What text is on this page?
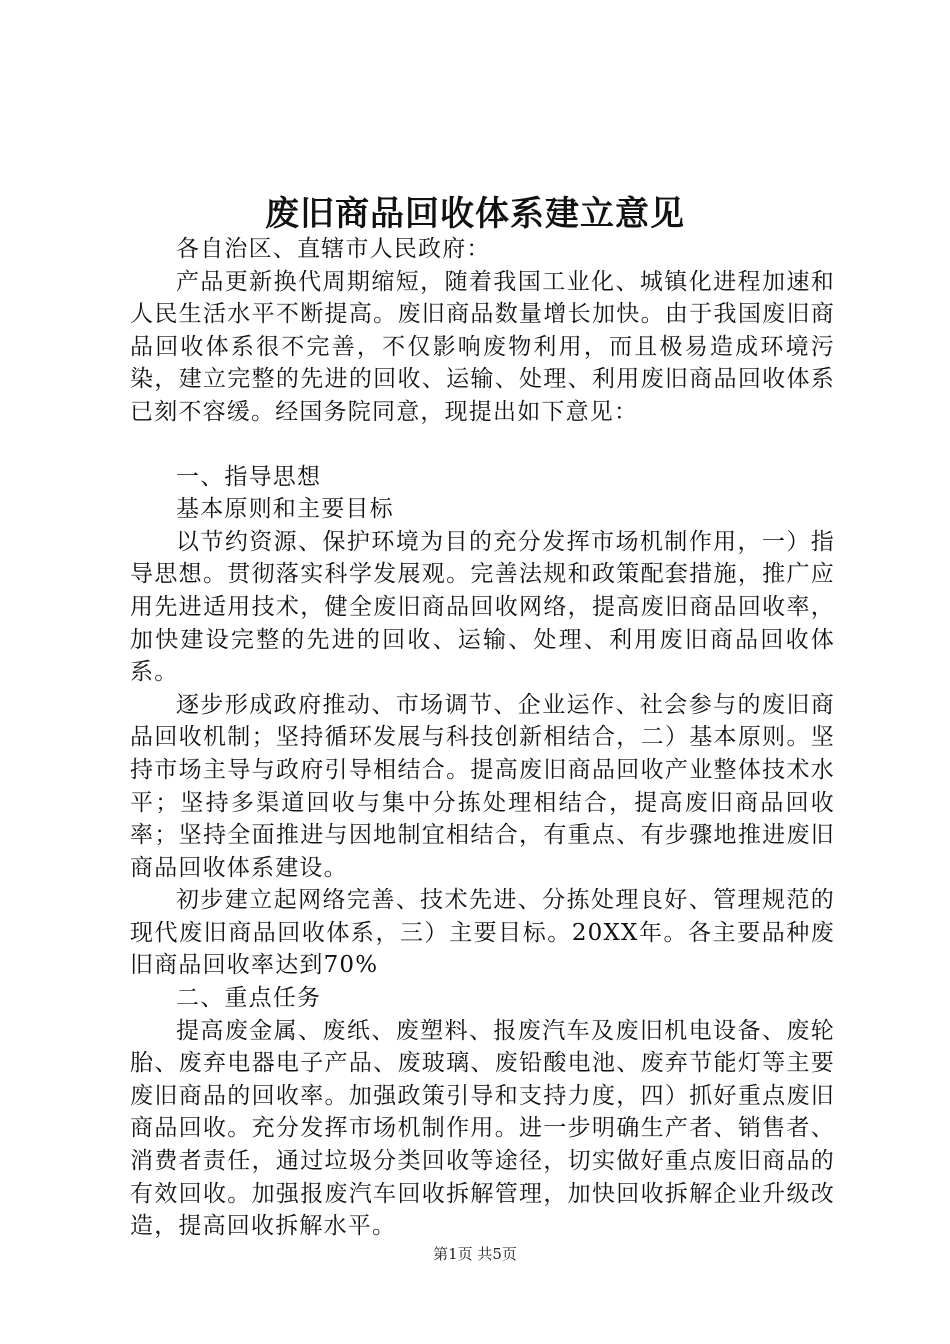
废旧商品回收体系建立意见

各自治区、直辖市人民政府：

产品更新换代周期缩短，随着我国工业化、城镇化进程加速和人民生活水平不断提高。废旧商品数量增长加快。由于我国废旧商品回收体系很不完善，不仅影响废物利用，而且极易造成环境污染，建立完整的先进的回收、运输、处理、利用废旧商品回收体系已刻不容缓。经国务院同意，现提出如下意见：

一、指导思想

基本原则和主要目标

以节约资源、保护环境为目的充分发挥市场机制作用，一）指导思想。贯彻落实科学发展观。完善法规和政策配套措施，推广应用先进适用技术，健全废旧商品回收网络，提高废旧商品回收率，加快建设完整的先进的回收、运输、处理、利用废旧商品回收体系。

逐步形成政府推动、市场调节、企业运作、社会参与的废旧商品回收机制；坚持循环发展与科技创新相结合，二）基本原则。坚持市场主导与政府引导相结合。提高废旧商品回收产业整体技术水平；坚持多渠道回收与集中分拣处理相结合，提高废旧商品回收率；坚持全面推进与因地制宜相结合，有重点、有步骤地推进废旧商品回收体系建设。

初步建立起网络完善、技术先进、分拣处理良好、管理规范的现代废旧商品回收体系，三）主要目标。20XX年。各主要品种废旧商品回收率达到70%

二、重点任务

提高废金属、废纸、废塑料、报废汽车及废旧机电设备、废轮胎、废弃电器电子产品、废玻璃、废铅酸电池、废弃节能灯等主要废旧商品的回收率。加强政策引导和支持力度，四）抓好重点废旧商品回收。充分发挥市场机制作用。进一步明确生产者、销售者、消费者责任，通过垃圾分类回收等途径，切实做好重点废旧商品的有效回收。加强报废汽车回收拆解管理，加快回收拆解企业升级改造，提高回收拆解水平。

第1页 共5页
